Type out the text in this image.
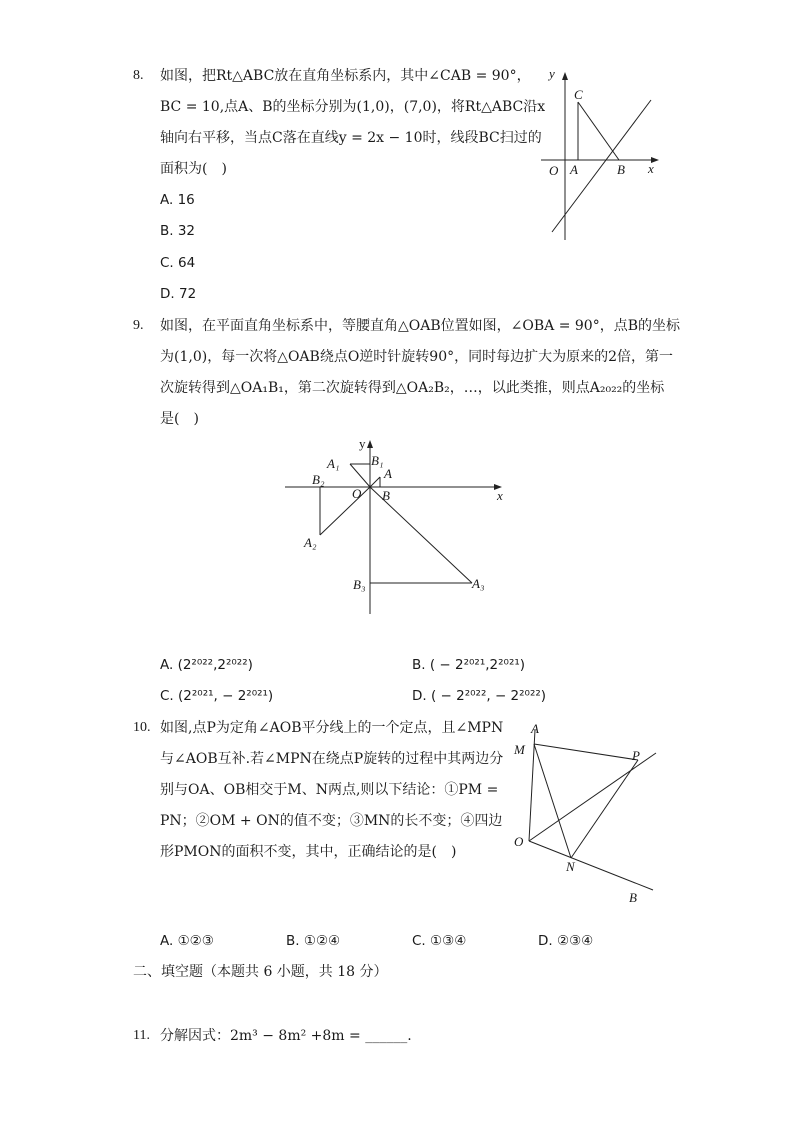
8. 如图，把Rt△ABC放在直角坐标系内，其中∠CAB = 90°，
BC = 10,点A、B的坐标分别为(1,0)，(7,0)，将Rt△ABC沿x
轴向右平移，当点C落在直线y = 2x − 10时，线段BC扫过的
面积为(　)
A. 16
B. 32
C. 64
D. 72
y
x
O A	B
C
9. 如图，在平面直角坐标系中，等腰直角△OAB位置如图，∠OBA = 90°，点B的坐标
为(1,0)，每一次将△OAB绕点O逆时针旋转90°，同时每边扩大为原来的2倍，第一
次旋转得到△OA₁B₁，第二次旋转得到△OA₂B₂，…，以此类推，则点A₂₀₂₂的坐标
是(　)
y
x
O
A
B
A₁ B₁
A₂
B₂
A₃
B₃
A. (2²⁰²²,2²⁰²²)	B. ( − 2²⁰²¹,2²⁰²¹)
C. (2²⁰²¹, − 2²⁰²¹)	D. ( − 2²⁰²², − 2²⁰²²)
10. 如图,点P为定角∠AOB平分线上的一个定点，且∠MPN
与∠AOB互补.若∠MPN在绕点P旋转的过程中其两边分
别与OA、OB相交于M、N两点,则以下结论：①PM =
PN；②OM + ON的值不变；③MN的长不变；④四边
形PMON的面积不变，其中，正确结论的是(　)
A
M	P
O
N
B
A. ①②③	B. ①②④	C. ①③④	D. ②③④
二、填空题（本题共 6 小题，共 18 分）
11. 分解因式：2m³ − 8m² +8m = ______.
